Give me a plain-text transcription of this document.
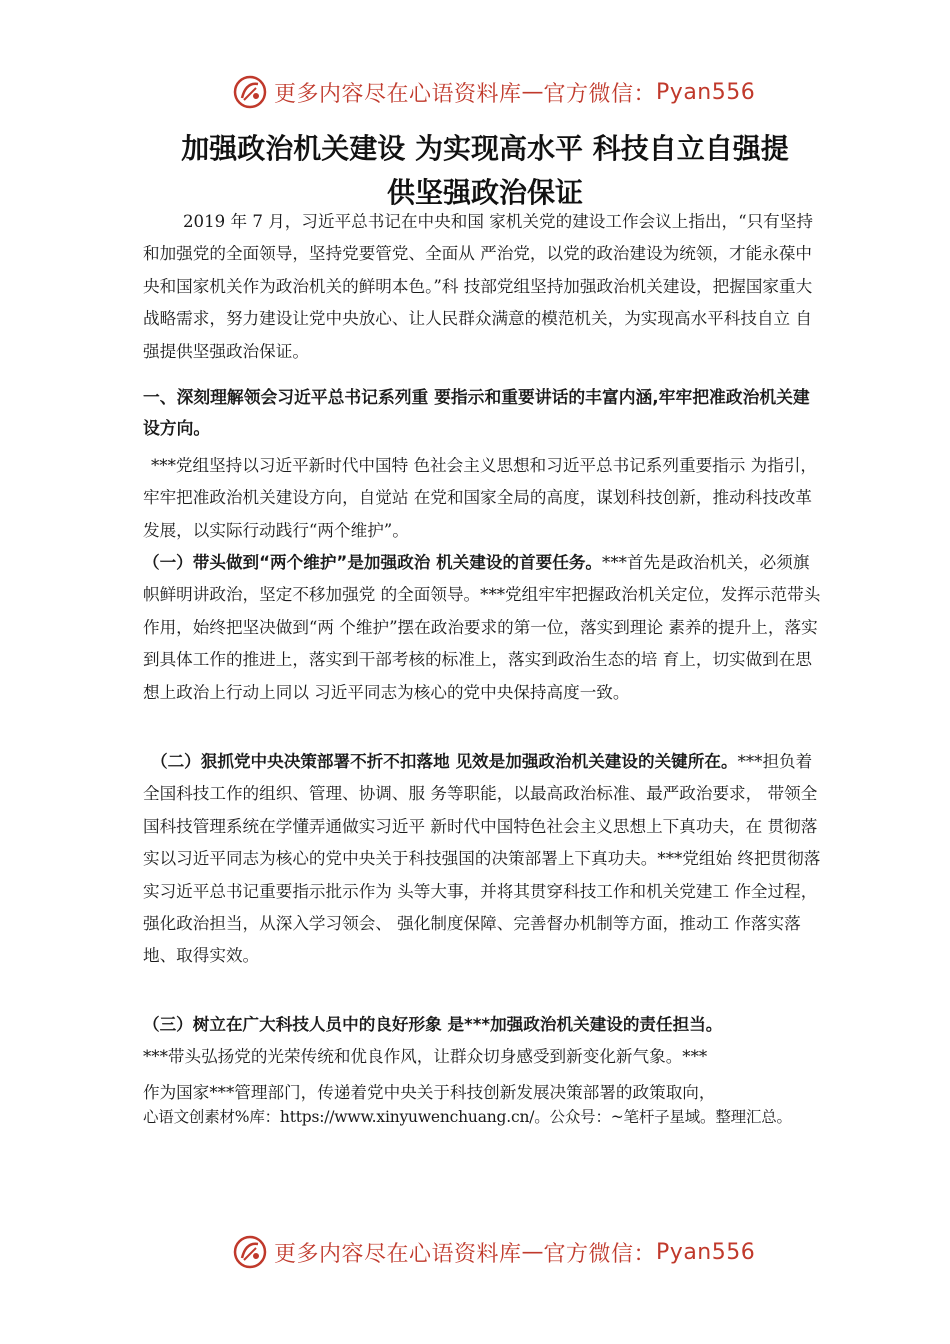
更多内容尽在心语资料库 — 官方微信： Pyan556
加强政治机关建设 为实现高水平 科技自立自强提
供坚强政治保证

2019 年 7 月，习近平总书记在中央和国 家机关党的建设工作会议上指出，“只有坚持 和加强党的全面领导，坚持党要管党、全面从 严治党，以党的政治建设为统领，才能永葆中 央和国家机关作为政治机关的鲜明本色。”科 技部党组坚持加强政治机关建设，把握国家重大战略需求，努力建设让党中央放心、让人民群众满意的模范机关，为实现高水平科技自立 自强提供坚强政治保证。

一、深刻理解领会习近平总书记系列重 要指示和重要讲话的丰富内涵,牢牢把准政治机关建设方向。

***党组坚持以习近平新时代中国特 色社会主义思想和习近平总书记系列重要指示 为指引，牢牢把准政治机关建设方向，自觉站 在党和国家全局的高度，谋划科技创新，推动科技改革发展，以实际行动践行“两个维护”。

（一）带头做到“两个维护”是加强政治 机关建设的首要任务。***首先是政治机关，必须旗帜鲜明讲政治，坚定不移加强党 的全面领导。***党组牢牢把握政治机关定位，发挥示范带头作用，始终把坚决做到“两 个维护”摆在政治要求的第一位，落实到理论 素养的提升上，落实到具体工作的推进上，落实到干部考核的标准上，落实到政治生态的培 育上，切实做到在思想上政治上行动上同以 习近平同志为核心的党中央保持高度一致。

（二）狠抓党中央决策部署不折不扣落地 见效是加强政治机关建设的关键所在。***担负着全国科技工作的组织、管理、协调、服 务等职能，以最高政治标准、最严政治要求， 带领全国科技管理系统在学懂弄通做实习近平 新时代中国特色社会主义思想上下真功夫，在 贯彻落实以习近平同志为核心的党中央关于科技强国的决策部署上下真功夫。***党组始 终把贯彻落实习近平总书记重要指示批示作为 头等大事，并将其贯穿科技工作和机关党建工 作全过程，强化政治担当，从深入学习领会、 强化制度保障、完善督办机制等方面，推动工 作落实落地、取得实效。

（三）树立在广大科技人员中的良好形象 是***加强政治机关建设的责任担当。

***带头弘扬党的光荣传统和优良作风，让群众切身感受到新变化新气象。***
作为国家***管理部门，传递着党中央关于科技创新发展决策部署的政策取向，
心语文创素材%库：https://www.xinyuwenchuang.cn/。公众号：~笔杆子星域。整理汇总。
更多内容尽在心语资料库 — 官方微信： Pyan556
